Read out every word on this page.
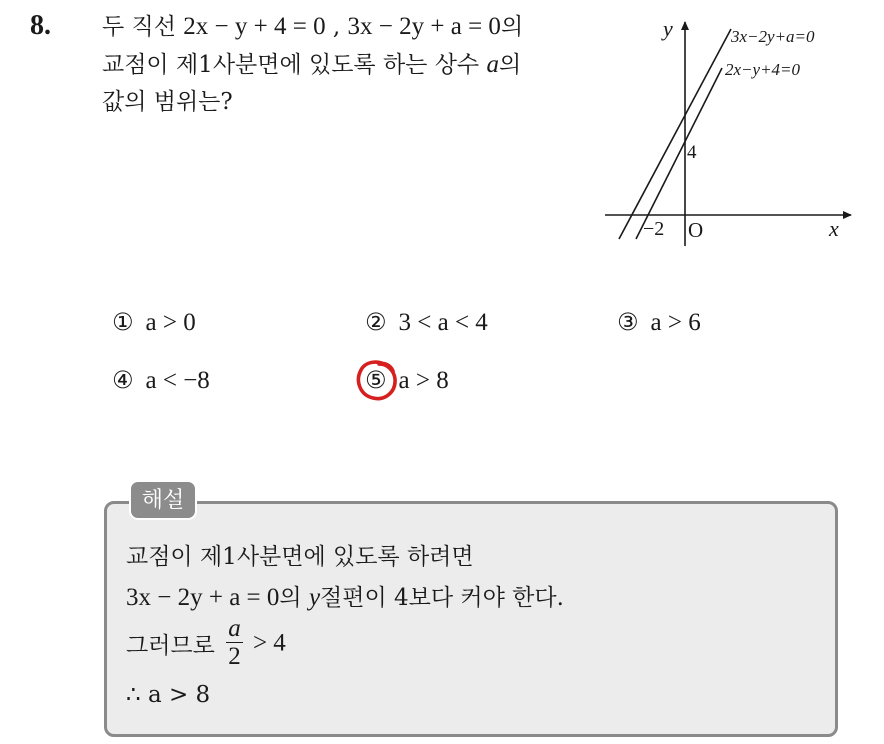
8. 두 직선 2x − y + 4 = 0 , 3x − 2y + a = 0의
교점이 제1사분면에 있도록 하는 상수 a의
값의 범위는?
y
x
O
4
−2
3x−2y+a=0
2x−y+4=0
① a > 0	② 3 < a < 4	③ a > 6
④ a < −8	⑤ a > 8
해설
교점이 제1사분면에 있도록 하려면
3x − 2y + a = 0의 y절편이 4보다 커야 한다.
그러므로 $\frac{a}{2} > 4$
∴ a > 8
